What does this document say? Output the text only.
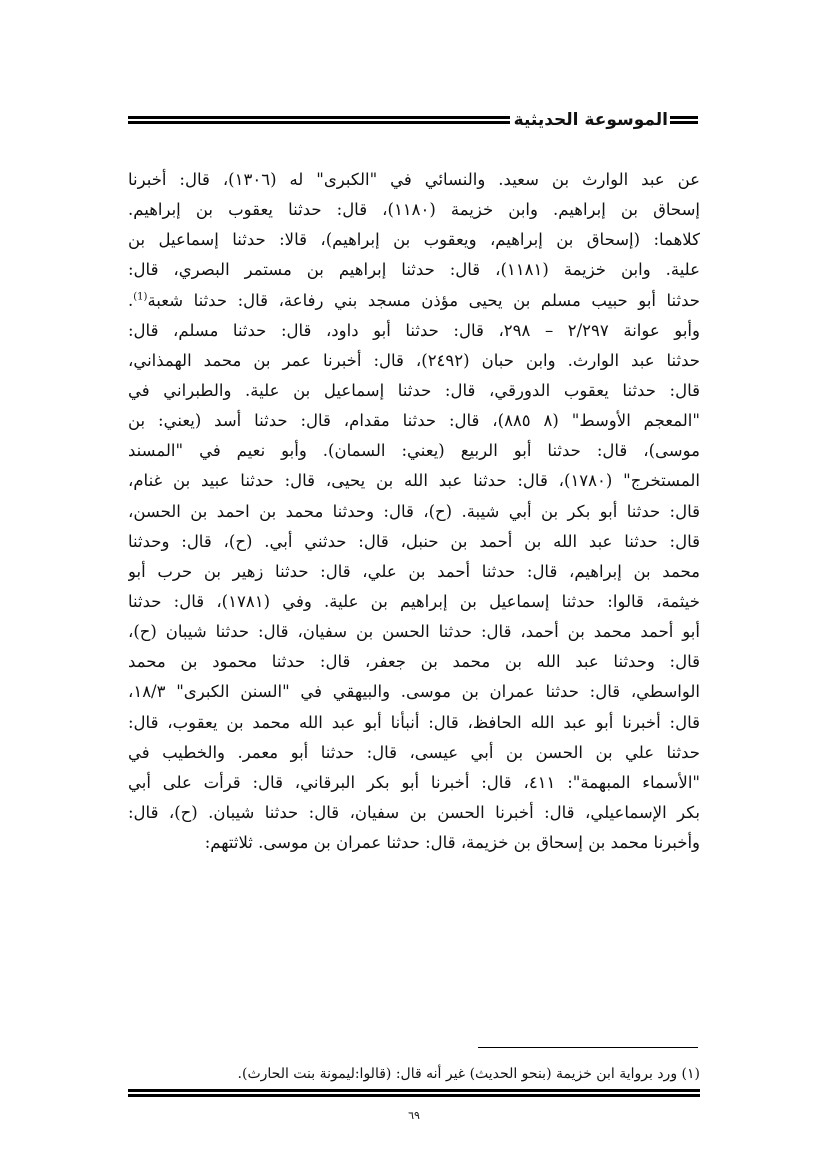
الموسوعة الحديثية
عن عبد الوارث بن سعيد. والنسائي في "الكبرى" له (١٣٠٦)، قال: أخبرنا
إسحاق بن إبراهيم. وابن خزيمة (١١٨٠)، قال: حدثنا يعقوب بن إبراهيم.
كلاهما: (إسحاق بن إبراهيم، ويعقوب بن إبراهيم)، قالا: حدثنا إسماعيل بن
علية. وابن خزيمة (١١٨١)، قال: حدثنا إبراهيم بن مستمر البصري، قال:
حدثنا أبو حبيب مسلم بن يحيى مؤذن مسجد بني رفاعة، قال: حدثنا شعبة$^{(1)}$.
وأبو عوانة ٢/٢٩٧ – ٢٩٨، قال: حدثنا أبو داود، قال: حدثنا مسلم، قال:
حدثنا عبد الوارث. وابن حبان (٢٤٩٢)، قال: أخبرنا عمر بن محمد الهمذاني،
قال: حدثنا يعقوب الدورقي، قال: حدثنا إسماعيل بن علية. والطبراني في
"المعجم الأوسط" (٨ ٨٨٥)، قال: حدثنا مقدام، قال: حدثنا أسد (يعني: بن
موسى)، قال: حدثنا أبو الربيع (يعني: السمان). وأبو نعيم في "المسند
المستخرج" (١٧٨٠)، قال: حدثنا عبد الله بن يحيى، قال: حدثنا عبيد بن غنام،
قال: حدثنا أبو بكر بن أبي شيبة. (ح)، قال: وحدثنا محمد بن احمد بن الحسن،
قال: حدثنا عبد الله بن أحمد بن حنبل، قال: حدثني أبي. (ح)، قال: وحدثنا
محمد بن إبراهيم، قال: حدثنا أحمد بن علي، قال: حدثنا زهير بن حرب أبو
خيثمة، قالوا: حدثنا إسماعيل بن إبراهيم بن علية. وفي (١٧٨١)، قال: حدثنا
أبو أحمد محمد بن أحمد، قال: حدثنا الحسن بن سفيان، قال: حدثنا شيبان (ح)،
قال: وحدثنا عبد الله بن محمد بن جعفر، قال: حدثنا محمود بن محمد
الواسطي، قال: حدثنا عمران بن موسى. والبيهقي في "السنن الكبرى" ١٨/٣،
قال: أخبرنا أبو عبد الله الحافظ، قال: أنبأنا أبو عبد الله محمد بن يعقوب، قال:
حدثنا علي بن الحسن بن أبي عيسى، قال: حدثنا أبو معمر. والخطيب في
"الأسماء المبهمة": ٤١١، قال: أخبرنا أبو بكر البرقاني، قال: قرأت على أبي
بكر الإسماعيلي، قال: أخبرنا الحسن بن سفيان، قال: حدثنا شيبان. (ح)، قال:
وأخبرنا محمد بن إسحاق بن خزيمة، قال: حدثنا عمران بن موسى. ثلاثتهم:
(١) ورد برواية ابن خزيمة (بنحو الحديث) غير أنه قال: (قالوا:ليمونة بنت الحارث).
٦٩
